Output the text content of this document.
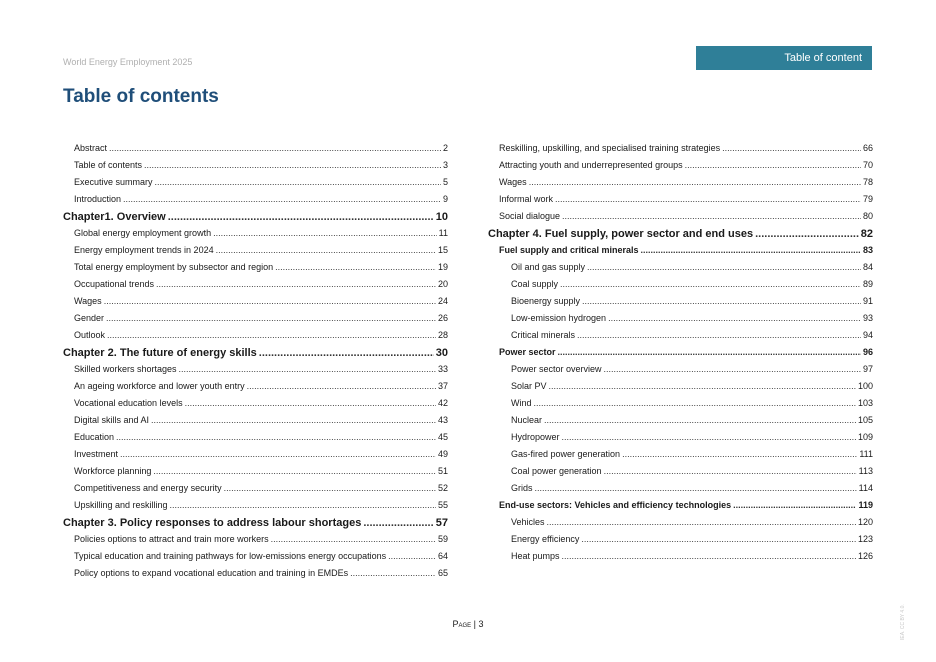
World Energy Employment 2025	Table of content
Table of contents
Abstract .....	2
Table of contents .....	3
Executive summary .....	5
Introduction .....	9
Chapter1. Overview .....	10
Global energy employment growth .....	11
Energy employment trends in 2024 .....	15
Total energy employment by subsector and region .....	19
Occupational trends .....	20
Wages .....	24
Gender .....	26
Outlook .....	28
Chapter 2. The future of energy skills .....	30
Skilled workers shortages .....	33
An ageing workforce and lower youth entry .....	37
Vocational education levels .....	42
Digital skills and AI .....	43
Education .....	45
Investment .....	49
Workforce planning .....	51
Competitiveness and energy security .....	52
Upskilling and reskilling .....	55
Chapter 3. Policy responses to address labour shortages .....	57
Policies options to attract and train more workers .....	59
Typical education and training pathways for low-emissions energy occupations .....	64
Policy options to expand vocational education and training in EMDEs .....	65
Reskilling, upskilling, and specialised training strategies .....	66
Attracting youth and underrepresented groups .....	70
Wages .....	78
Informal work .....	79
Social dialogue .....	80
Chapter 4. Fuel supply, power sector and end uses .....	82
Fuel supply and critical minerals .....	83
Oil and gas supply .....	84
Coal supply .....	89
Bioenergy supply .....	91
Low-emission hydrogen .....	93
Critical minerals .....	94
Power sector .....	96
Power sector overview .....	97
Solar PV .....	100
Wind .....	103
Nuclear .....	105
Hydropower .....	109
Gas-fired power generation .....	111
Coal power generation .....	113
Grids .....	114
End-use sectors: Vehicles and efficiency technologies .....	119
Vehicles .....	120
Energy efficiency .....	123
Heat pumps .....	126
Page | 3	IEA. CC BY 4.0.
